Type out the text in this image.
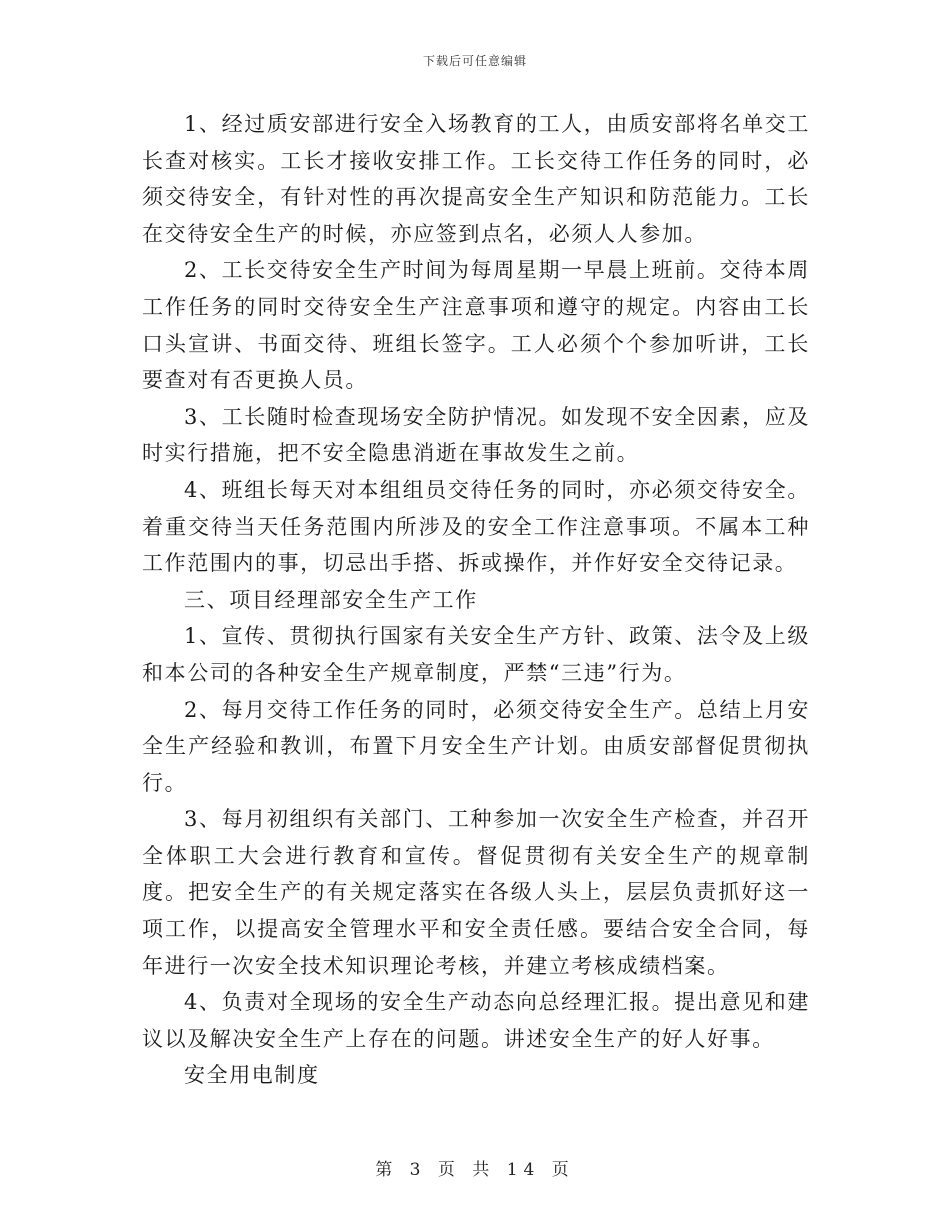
下载后可任意编辑

1、经过质安部进行安全入场教育的工人，由质安部将名单交工长查对核实。工长才接收安排工作。工长交待工作任务的同时，必须交待安全，有针对性的再次提高安全生产知识和防范能力。工长在交待安全生产的时候，亦应签到点名，必须人人参加。

2、工长交待安全生产时间为每周星期一早晨上班前。交待本周工作任务的同时交待安全生产注意事项和遵守的规定。内容由工长口头宣讲、书面交待、班组长签字。工人必须个个参加听讲，工长要查对有否更换人员。

3、工长随时检查现场安全防护情况。如发现不安全因素，应及时实行措施，把不安全隐患消逝在事故发生之前。

4、班组长每天对本组组员交待任务的同时，亦必须交待安全。着重交待当天任务范围内所涉及的安全工作注意事项。不属本工种工作范围内的事，切忌出手搭、拆或操作，并作好安全交待记录。

三、项目经理部安全生产工作

1、宣传、贯彻执行国家有关安全生产方针、政策、法令及上级和本公司的各种安全生产规章制度，严禁“三违”行为。

2、每月交待工作任务的同时，必须交待安全生产。总结上月安全生产经验和教训，布置下月安全生产计划。由质安部督促贯彻执行。

3、每月初组织有关部门、工种参加一次安全生产检查，并召开全体职工大会进行教育和宣传。督促贯彻有关安全生产的规章制度。把安全生产的有关规定落实在各级人头上，层层负责抓好这一项工作，以提高安全管理水平和安全责任感。要结合安全合同，每年进行一次安全技术知识理论考核，并建立考核成绩档案。

4、负责对全现场的安全生产动态向总经理汇报。提出意见和建议以及解决安全生产上存在的问题。讲述安全生产的好人好事。

安全用电制度

第 3 页 共 14 页
